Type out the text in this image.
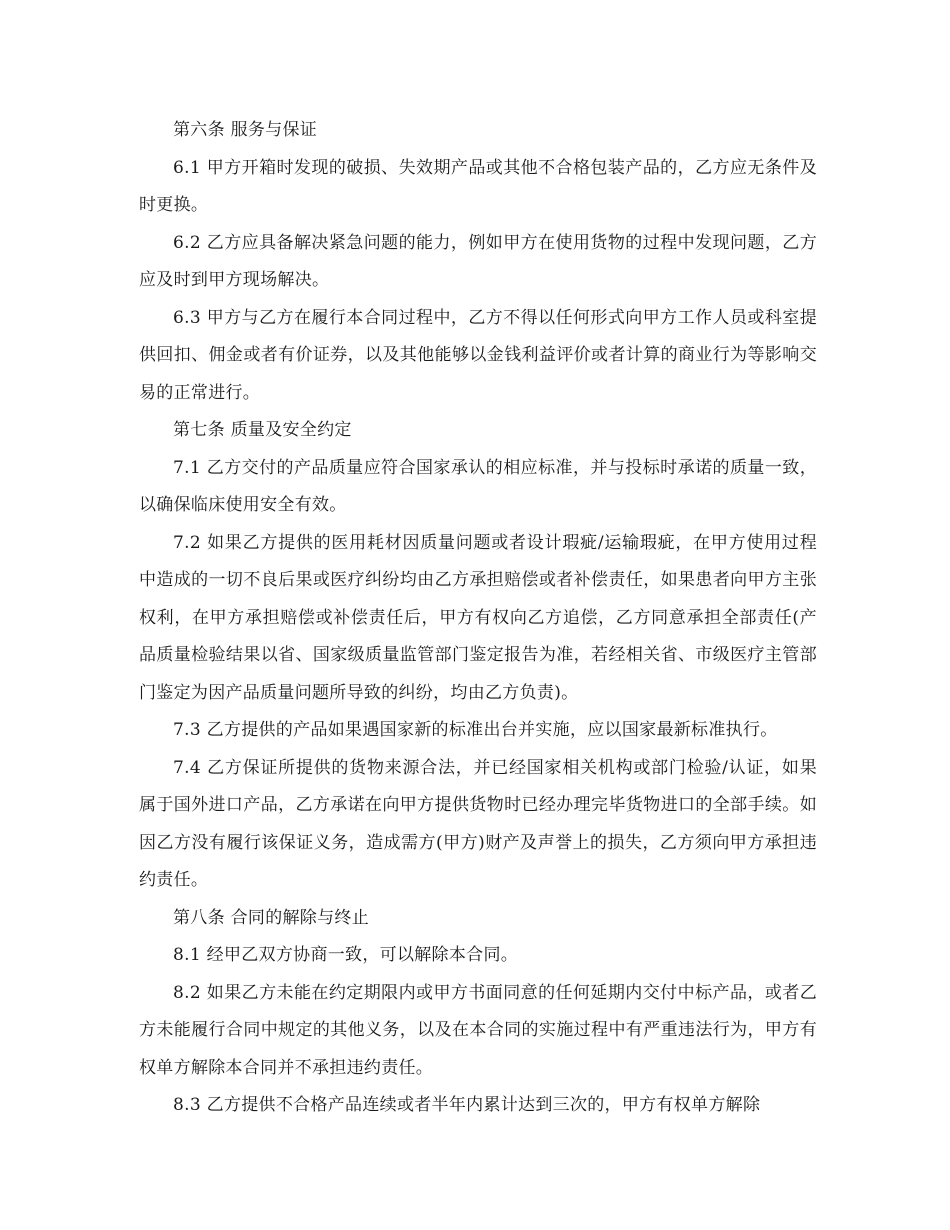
第六条 服务与保证

6.1 甲方开箱时发现的破损、失效期产品或其他不合格包装产品的，乙方应无条件及时更换。

6.2 乙方应具备解决紧急问题的能力，例如甲方在使用货物的过程中发现问题，乙方应及时到甲方现场解决。

6.3 甲方与乙方在履行本合同过程中，乙方不得以任何形式向甲方工作人员或科室提供回扣、佣金或者有价证券，以及其他能够以金钱利益评价或者计算的商业行为等影响交易的正常进行。

第七条 质量及安全约定

7.1 乙方交付的产品质量应符合国家承认的相应标准，并与投标时承诺的质量一致，以确保临床使用安全有效。

7.2 如果乙方提供的医用耗材因质量问题或者设计瑕疵/运输瑕疵，在甲方使用过程中造成的一切不良后果或医疗纠纷均由乙方承担赔偿或者补偿责任，如果患者向甲方主张权利，在甲方承担赔偿或补偿责任后，甲方有权向乙方追偿，乙方同意承担全部责任(产品质量检验结果以省、国家级质量监管部门鉴定报告为准，若经相关省、市级医疗主管部门鉴定为因产品质量问题所导致的纠纷，均由乙方负责)。

7.3 乙方提供的产品如果遇国家新的标准出台并实施，应以国家最新标准执行。

7.4 乙方保证所提供的货物来源合法，并已经国家相关机构或部门检验/认证，如果属于国外进口产品，乙方承诺在向甲方提供货物时已经办理完毕货物进口的全部手续。如因乙方没有履行该保证义务，造成需方(甲方)财产及声誉上的损失，乙方须向甲方承担违约责任。

第八条 合同的解除与终止

8.1 经甲乙双方协商一致，可以解除本合同。

8.2 如果乙方未能在约定期限内或甲方书面同意的任何延期内交付中标产品，或者乙方未能履行合同中规定的其他义务，以及在本合同的实施过程中有严重违法行为，甲方有权单方解除本合同并不承担违约责任。

8.3 乙方提供不合格产品连续或者半年内累计达到三次的，甲方有权单方解除
